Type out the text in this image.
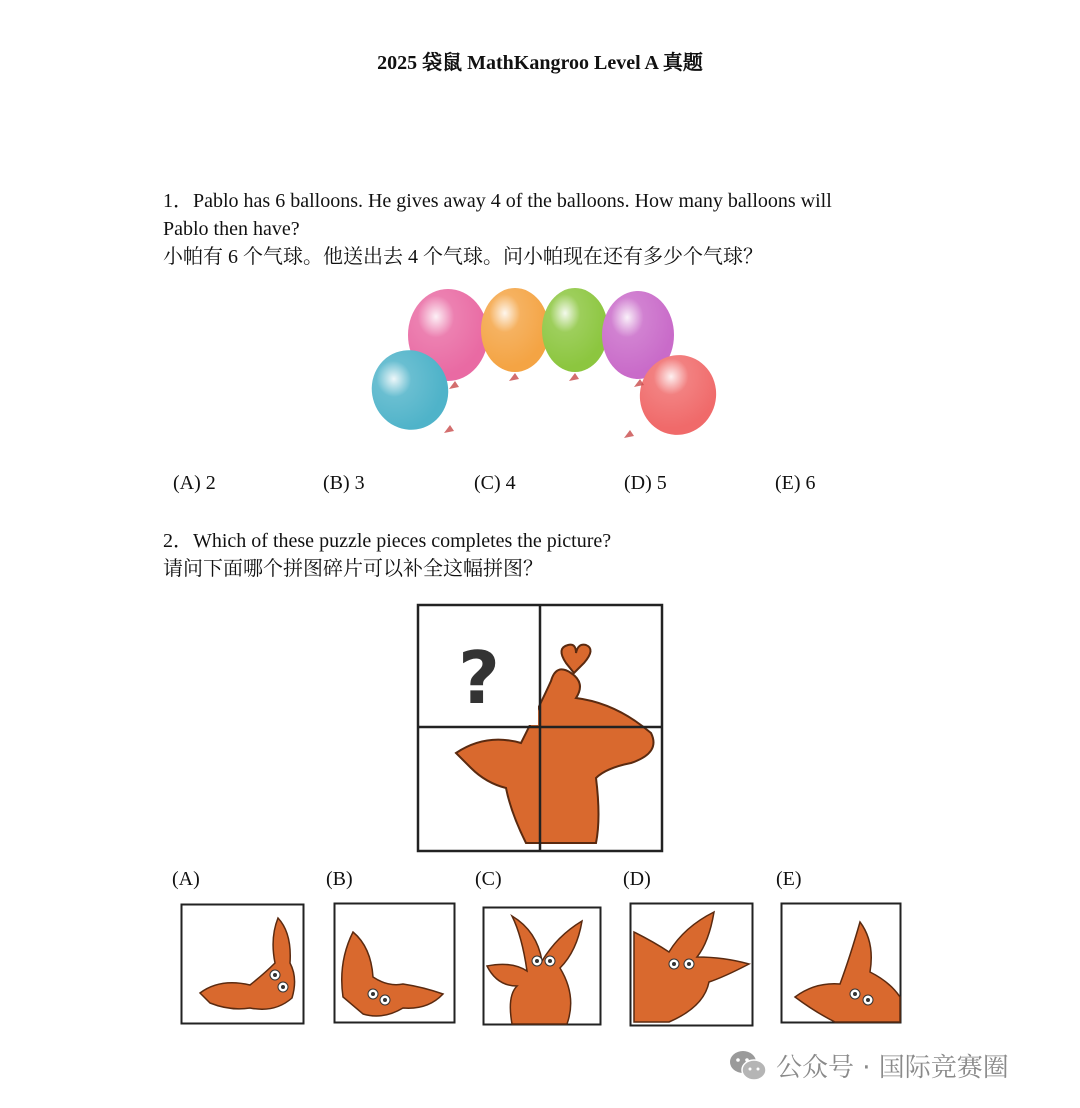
2025 袋鼠 MathKangroo Level A 真题
1．Pablo has 6 balloons. He gives away 4 of the balloons. How many balloons will
Pablo then have?
小帕有 6 个气球。他送出去 4 个气球。问小帕现在还有多少个气球？
(A) 2	(B) 3	(C) 4	(D) 5	(E) 6
2．Which of these puzzle pieces completes the picture?
请问下面哪个拼图碎片可以补全这幅拼图？
?
(A)	(B)	(C)	(D)	(E)
公众号 · 国际竞赛圈
